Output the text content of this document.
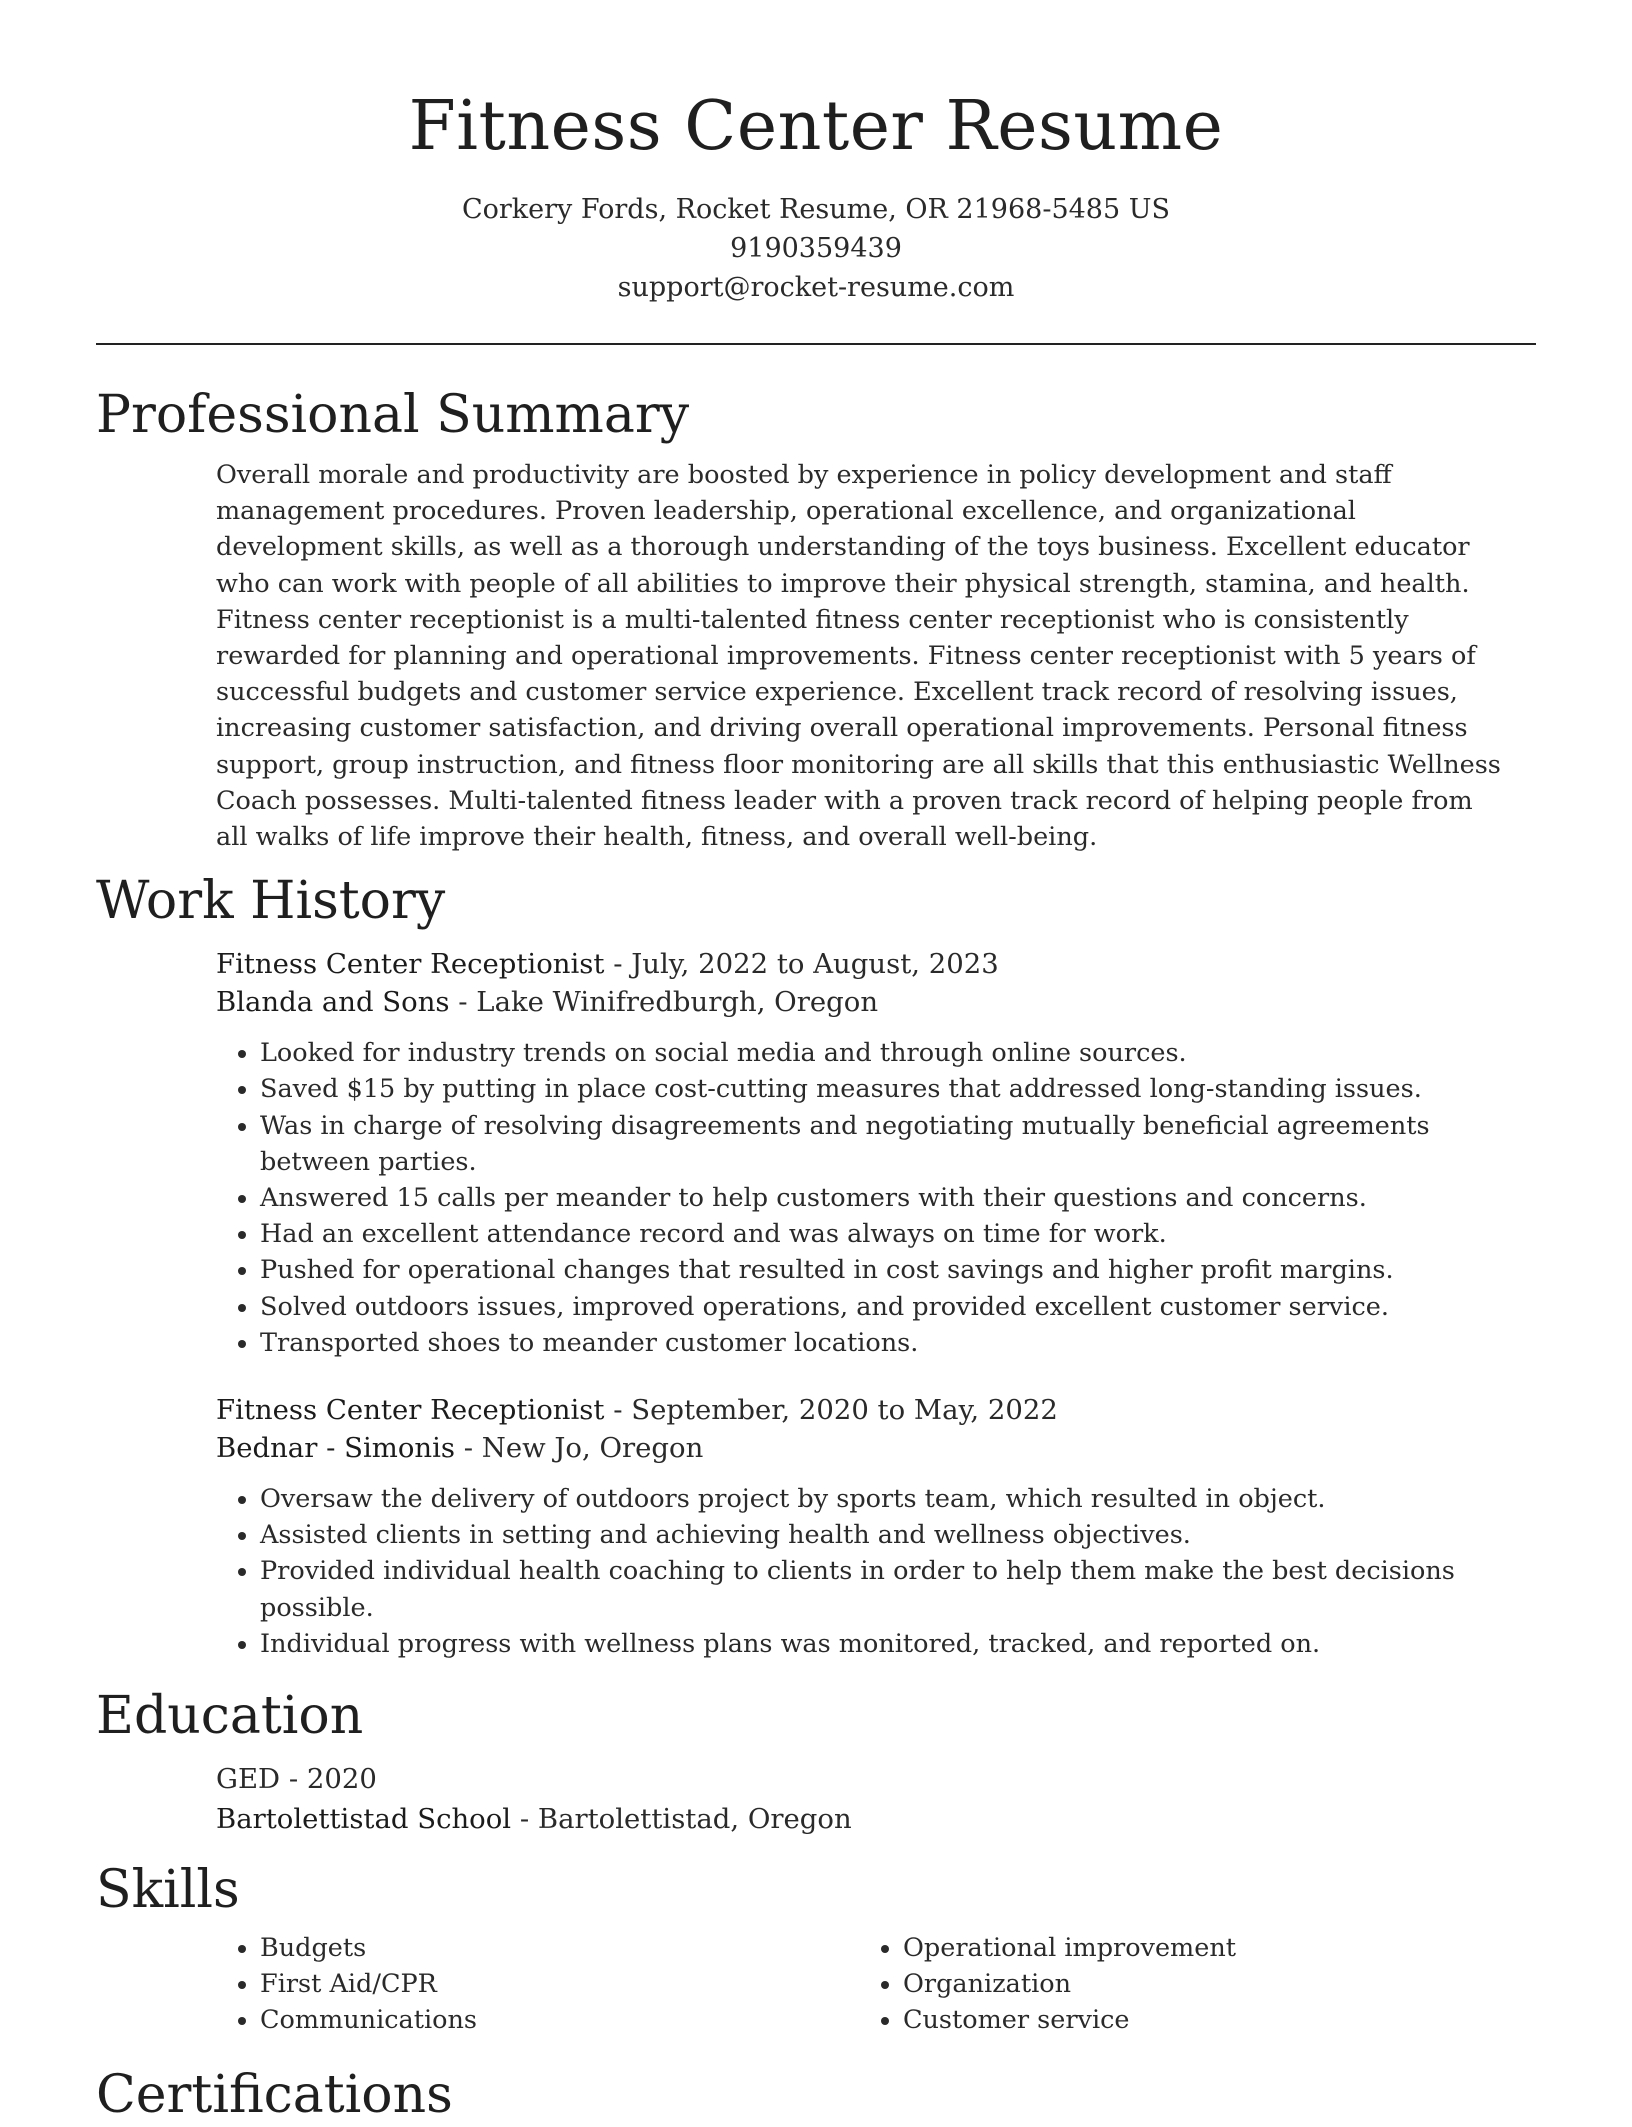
Fitness Center Resume
Corkery Fords, Rocket Resume, OR 21968-5485 US
9190359439
support@rocket-resume.com
Professional Summary

Overall morale and productivity are boosted by experience in policy development and staff management procedures. Proven leadership, operational excellence, and organizational development skills, as well as a thorough understanding of the toys business. Excellent educator who can work with people of all abilities to improve their physical strength, stamina, and health. Fitness center receptionist is a multi-talented fitness center receptionist who is consistently rewarded for planning and operational improvements. Fitness center receptionist with 5 years of successful budgets and customer service experience. Excellent track record of resolving issues, increasing customer satisfaction, and driving overall operational improvements. Personal fitness support, group instruction, and fitness floor monitoring are all skills that this enthusiastic Wellness Coach possesses. Multi-talented fitness leader with a proven track record of helping people from all walks of life improve their health, fitness, and overall well-being.

Work History
Fitness Center Receptionist - July, 2022 to August, 2023
Blanda and Sons - Lake Winifredburgh, Oregon
• Looked for industry trends on social media and through online sources.
• Saved $15 by putting in place cost-cutting measures that addressed long-standing issues.
• Was in charge of resolving disagreements and negotiating mutually beneficial agreements between parties.
• Answered 15 calls per meander to help customers with their questions and concerns.
• Had an excellent attendance record and was always on time for work.
• Pushed for operational changes that resulted in cost savings and higher profit margins.
• Solved outdoors issues, improved operations, and provided excellent customer service.
• Transported shoes to meander customer locations.
Fitness Center Receptionist - September, 2020 to May, 2022
Bednar - Simonis - New Jo, Oregon
• Oversaw the delivery of outdoors project by sports team, which resulted in object.
• Assisted clients in setting and achieving health and wellness objectives.
• Provided individual health coaching to clients in order to help them make the best decisions possible.
• Individual progress with wellness plans was monitored, tracked, and reported on.
Education
GED - 2020
Bartolettistad School - Bartolettistad, Oregon
Skills
• Budgets
• First Aid/CPR
• Communications
• Operational improvement
• Organization
• Customer service
Certifications
